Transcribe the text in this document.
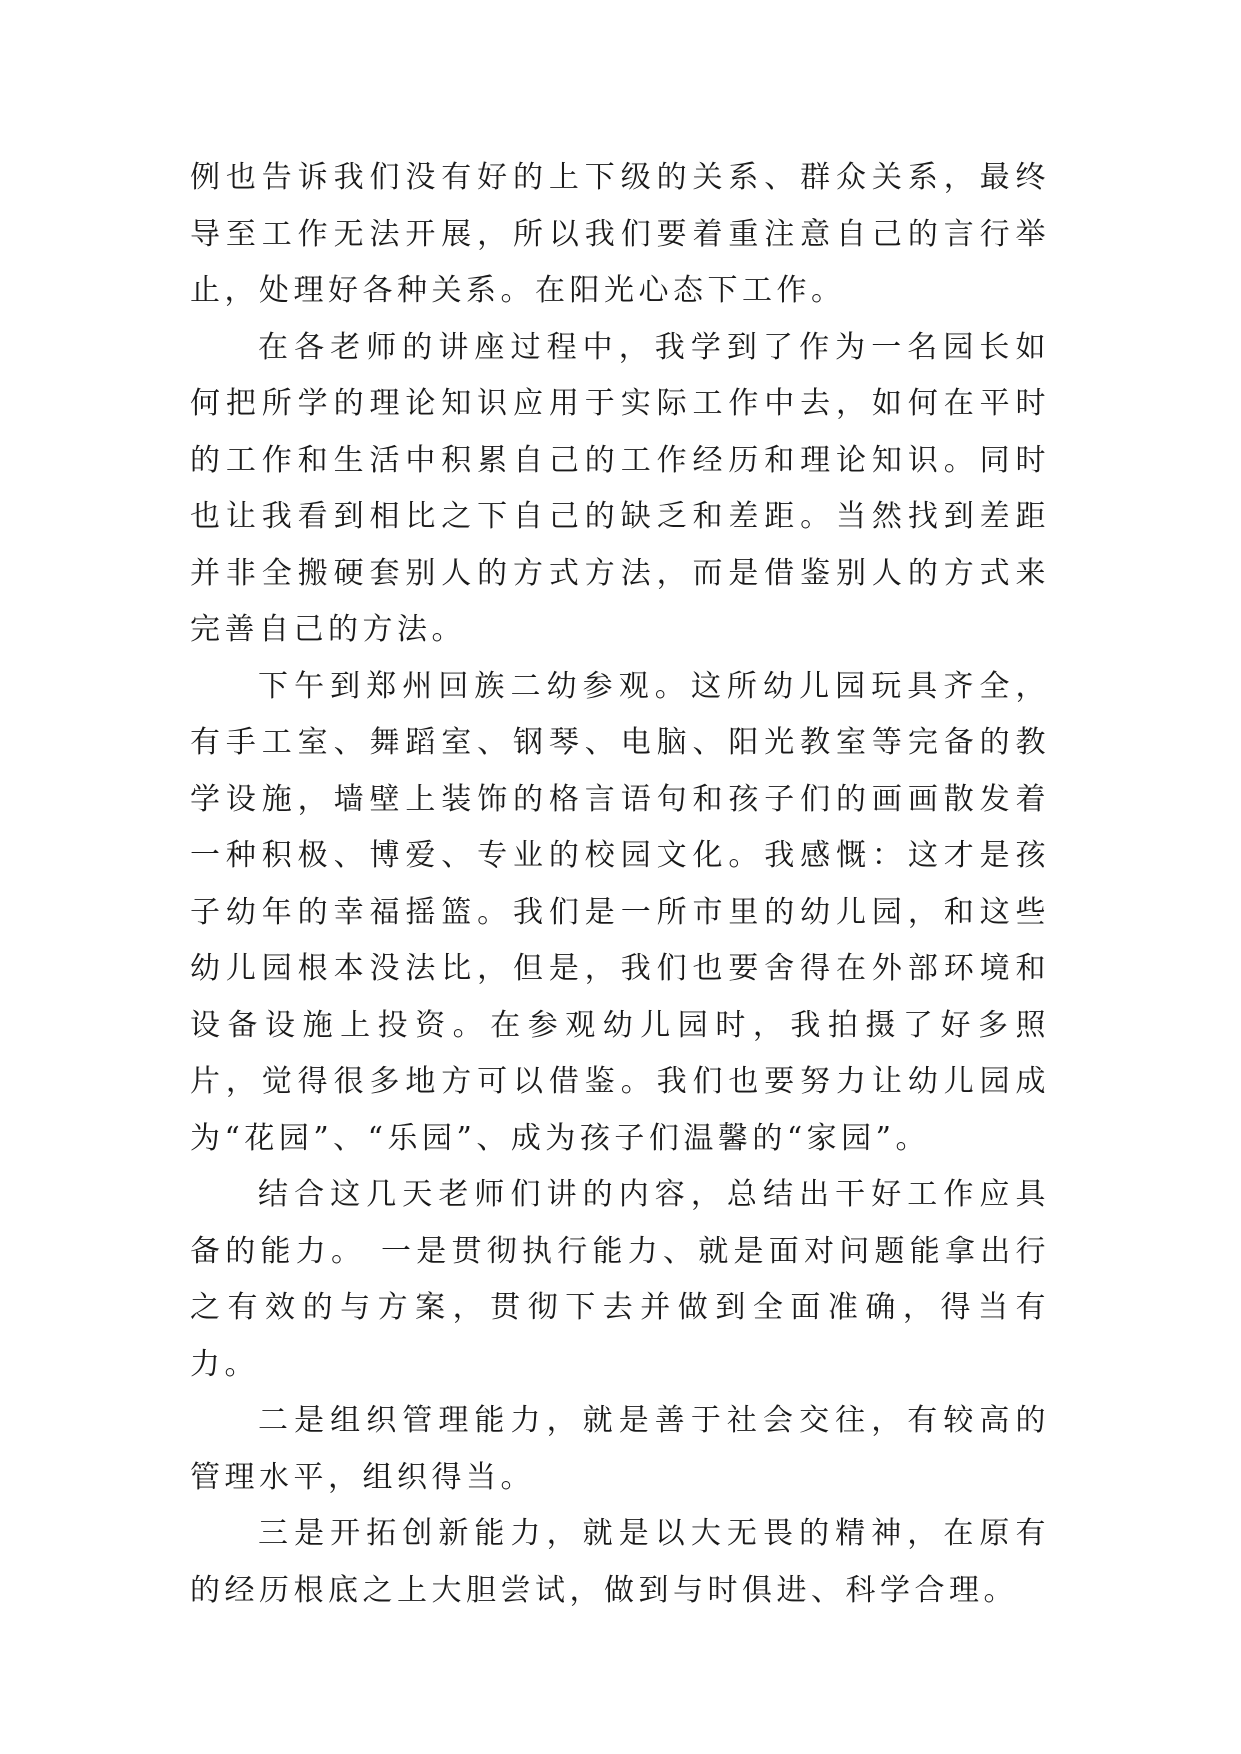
例也告诉我们没有好的上下级的关系、群众关系，最终导至工作无法开展，所以我们要着重注意自己的言行举止，处理好各种关系。在阳光心态下工作。

在各老师的讲座过程中，我学到了作为一名园长如何把所学的理论知识应用于实际工作中去，如何在平时的工作和生活中积累自己的工作经历和理论知识。同时也让我看到相比之下自己的缺乏和差距。当然找到差距并非全搬硬套别人的方式方法，而是借鉴别人的方式来完善自己的方法。

下午到郑州回族二幼参观。这所幼儿园玩具齐全，有手工室、舞蹈室、钢琴、电脑、阳光教室等完备的教学设施，墙壁上装饰的格言语句和孩子们的画画散发着一种积极、博爱、专业的校园文化。我感慨：这才是孩子幼年的幸福摇篮。我们是一所市里的幼儿园，和这些幼儿园根本没法比，但是，我们也要舍得在外部环境和设备设施上投资。在参观幼儿园时，我拍摄了好多照片，觉得很多地方可以借鉴。我们也要努力让幼儿园成为“花园”、“乐园”、成为孩子们温馨的“家园”。

结合这几天老师们讲的内容，总结出干好工作应具备的能力。 一是贯彻执行能力、就是面对问题能拿出行之有效的与方案，贯彻下去并做到全面准确，得当有力。

二是组织管理能力，就是善于社会交往，有较高的管理水平，组织得当。

三是开拓创新能力，就是以大无畏的精神，在原有的经历根底之上大胆尝试，做到与时俱进、科学合理。
